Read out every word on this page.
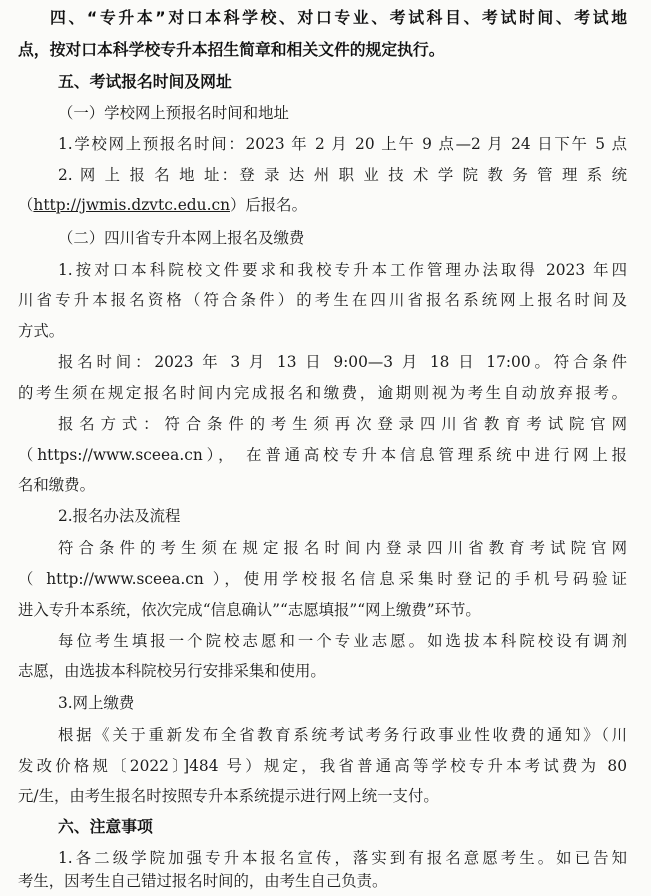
四、“专升本”对口本科学校、对口专业、考试科目、考试时间、考试地
点，按对口本科学校专升本招生简章和相关文件的规定执行。
五、考试报名时间及网址
（一）学校网上预报名时间和地址
1.学校网上预报名时间：2023 年 2 月 20 上午 9 点—2 月 24 日下午 5 点
2. 网 上 报 名 地 址：登 录 达 州 职 业 技 术 学 院 教 务 管 理 系 统
（http://jwmis.dzvtc.edu.cn）后报名。
（二）四川省专升本网上报名及缴费
1.按对口本科院校文件要求和我校专升本工作管理办法取得 2023 年四
川省专升本报名资格（符合条件）的考生在四川省报名系统网上报名时间及
方式。
报名时间：2023 年 3 月 13 日 9:00—3 月 18 日 17:00。符合条件
的考生须在规定报名时间内完成报名和缴费，逾期则视为考生自动放弃报考。
报名方式：符合条件的考生须再次登录四川省教育考试院官网
（https://www.sceea.cn）， 在普通高校专升本信息管理系统中进行网上报
名和缴费。
2.报名办法及流程
符合条件的考生须在规定报名时间内登录四川省教育考试院官网
（ http://www.sceea.cn ），使用学校报名信息采集时登记的手机号码验证
进入专升本系统，依次完成“信息确认”“志愿填报”“网上缴费”环节。
每位考生填报一个院校志愿和一个专业志愿。如选拔本科院校设有调剂
志愿，由选拔本科院校另行安排采集和使用。
3.网上缴费
根据《关于重新发布全省教育系统考试考务行政事业性收费的通知》（川
发改价格规〔2022〕]484 号）规定，我省普通高等学校专升本考试费为 80
元/生，由考生报名时按照专升本系统提示进行网上统一支付。
六、注意事项
1.各二级学院加强专升本报名宣传，落实到有报名意愿考生。如已告知
考生，因考生自己错过报名时间的，由考生自己负责。
